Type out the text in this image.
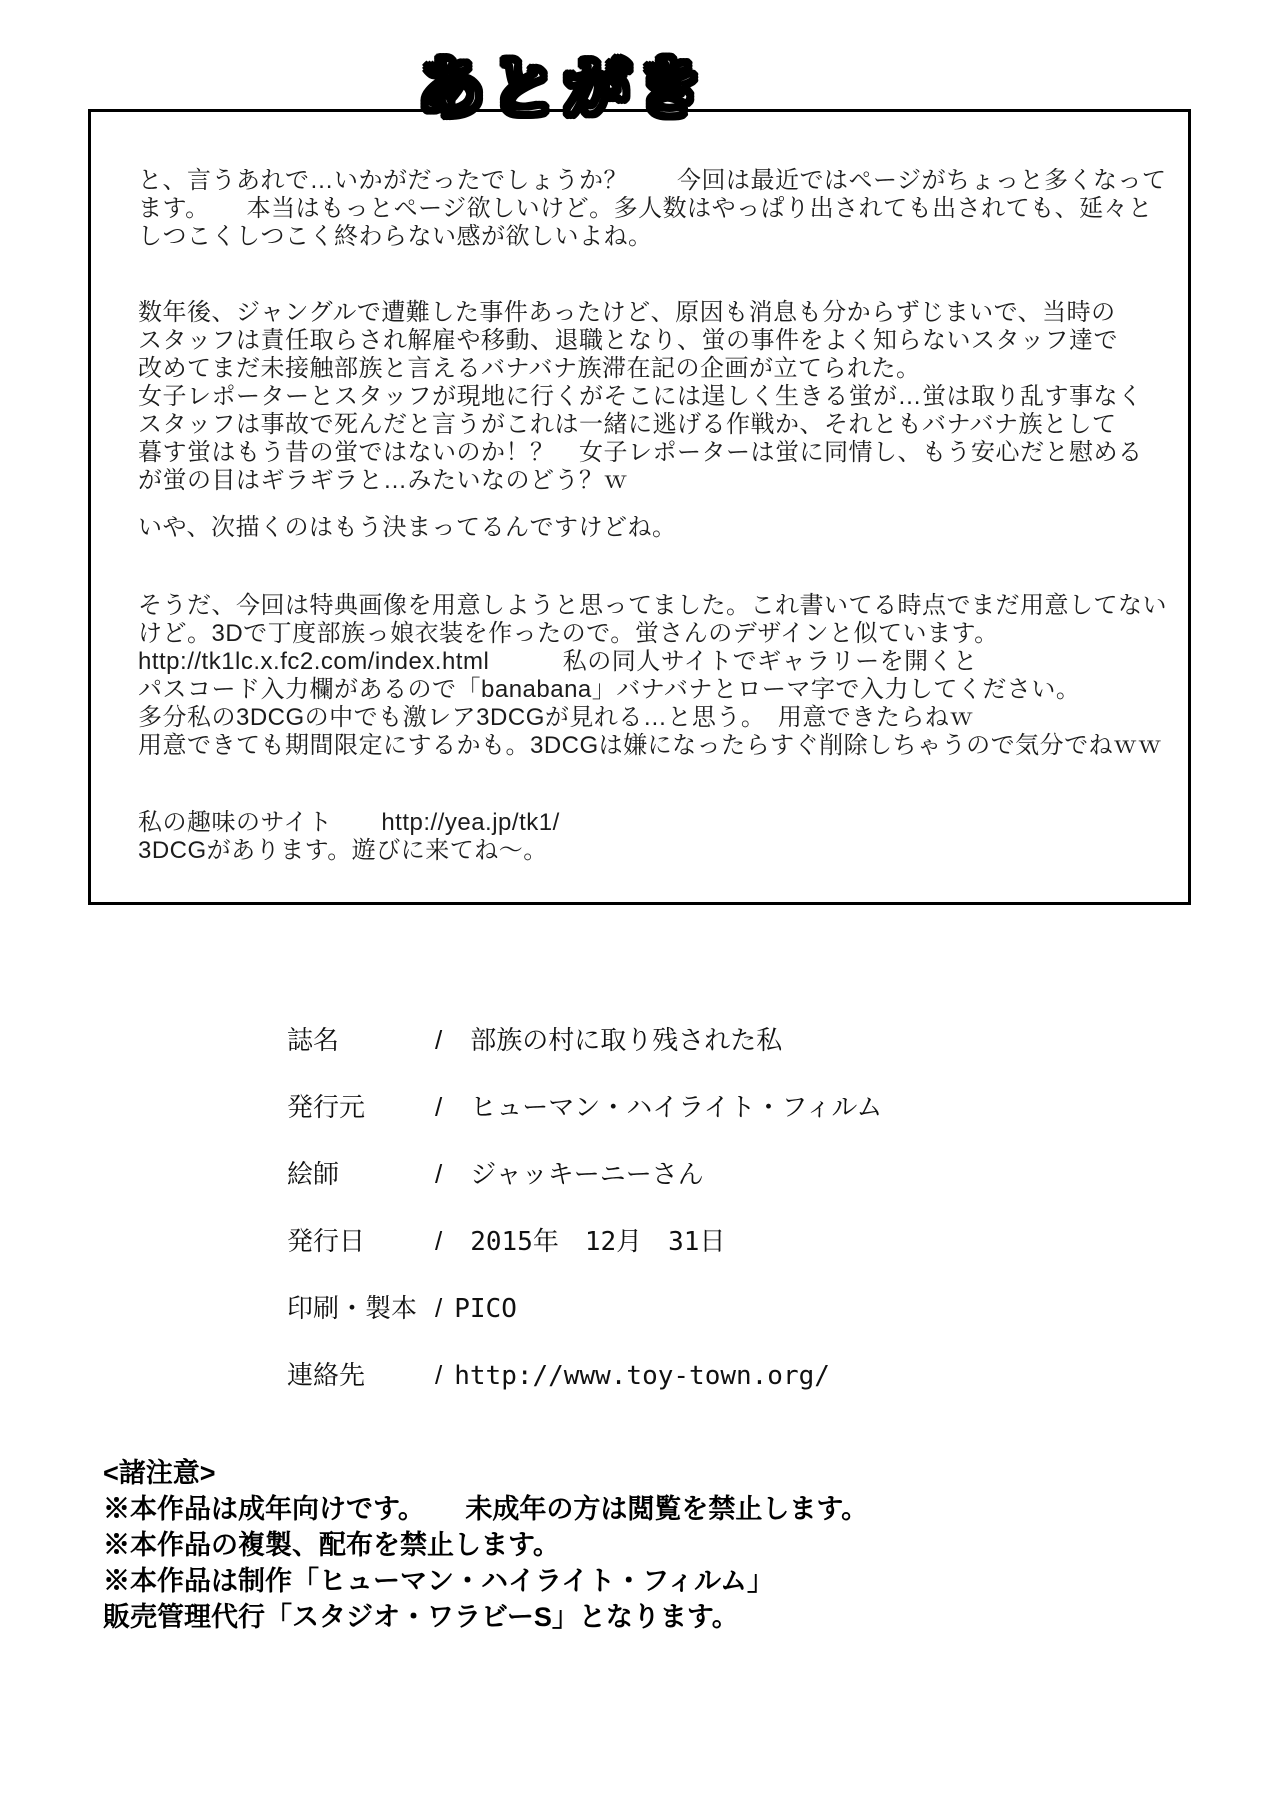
あとがき
と、言うあれで…いかがだったでしょうか？　　今回は最近ではページがちょっと多くなって
ます。　　本当はもっとページ欲しいけど。多人数はやっぱり出されても出されても、延々と
しつこくしつこく終わらない感が欲しいよね。
数年後、ジャングルで遭難した事件あったけど、原因も消息も分からずじまいで、当時の
スタッフは責任取らされ解雇や移動、退職となり、蛍の事件をよく知らないスタッフ達で
改めてまだ未接触部族と言えるバナバナ族滞在記の企画が立てられた。
女子レポーターとスタッフが現地に行くがそこには逞しく生きる蛍が…蛍は取り乱す事なく
スタッフは事故で死んだと言うがこれは一緒に逃げる作戦か、それともバナバナ族として
暮す蛍はもう昔の蛍ではないのか！？　女子レポーターは蛍に同情し、もう安心だと慰める
が蛍の目はギラギラと…みたいなのどう？ｗ
いや、次描くのはもう決まってるんですけどね。
そうだ、今回は特典画像を用意しようと思ってました。これ書いてる時点でまだ用意してない
けど。3Dで丁度部族っ娘衣装を作ったので。蛍さんのデザインと似ています。
http://tk1lc.x.fc2.com/index.html　　　私の同人サイトでギャラリーを開くと
パスコード入力欄があるので「banabana」バナバナとローマ字で入力してください。
多分私の3DCGの中でも激レア3DCGが見れる…と思う。　用意できたらねｗ
用意できても期間限定にするかも。3DCGは嫌になったらすぐ削除しちゃうので気分でねｗｗ
私の趣味のサイト　　http://yea.jp/tk1/
3DCGがあります。遊びに来てね～。
誌名	/ 部族の村に取り残された私
発行元	/ ヒューマン・ハイライト・フィルム
絵師	/ ジャッキーニーさん
発行日	/ 2015年　12月　31日
印刷・製本 / PICO
連絡先	/ http://www.toy-town.org/
<諸注意>
※本作品は成年向けです。　　未成年の方は閲覧を禁止します。
※本作品の複製、配布を禁止します。
※本作品は制作「ヒューマン・ハイライト・フィルム」
販売管理代行「スタジオ・ワラビーS」となります。
